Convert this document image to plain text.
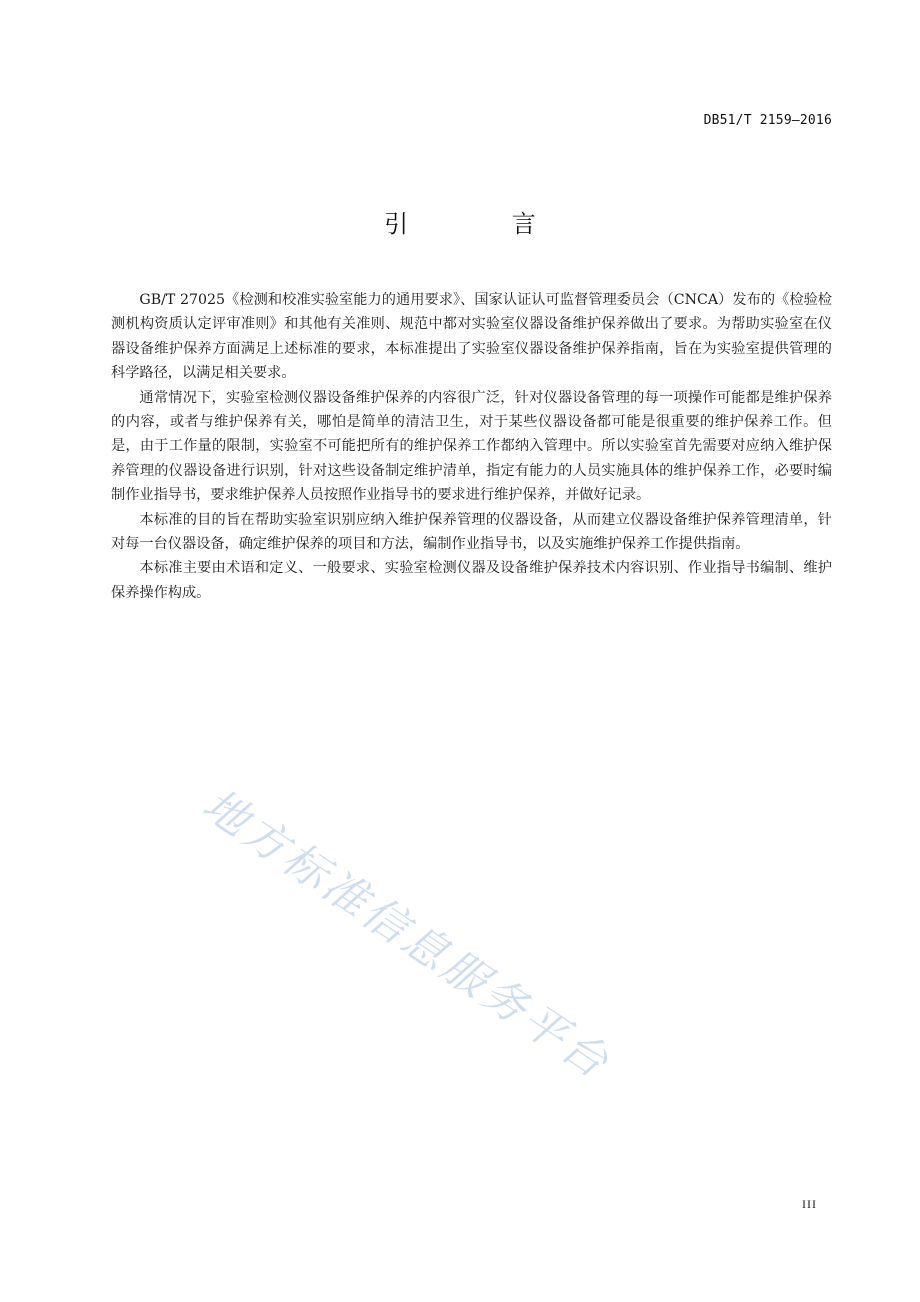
DB51/T 2159—2016
引 言

GB/T 27025《检测和校准实验室能力的通用要求》、国家认证认可监督管理委员会（CNCA）发布的《检验检测机构资质认定评审准则》和其他有关准则、规范中都对实验室仪器设备维护保养做出了要求。为帮助实验室在仪器设备维护保养方面满足上述标准的要求，本标准提出了实验室仪器设备维护保养指南，旨在为实验室提供管理的科学路径，以满足相关要求。

通常情况下，实验室检测仪器设备维护保养的内容很广泛，针对仪器设备管理的每一项操作可能都是维护保养的内容，或者与维护保养有关，哪怕是简单的清洁卫生，对于某些仪器设备都可能是很重要的维护保养工作。但是，由于工作量的限制，实验室不可能把所有的维护保养工作都纳入管理中。所以实验室首先需要对应纳入维护保养管理的仪器设备进行识别，针对这些设备制定维护清单，指定有能力的人员实施具体的维护保养工作，必要时编制作业指导书，要求维护保养人员按照作业指导书的要求进行维护保养，并做好记录。

本标准的目的旨在帮助实验室识别应纳入维护保养管理的仪器设备，从而建立仪器设备维护保养管理清单，针对每一台仪器设备，确定维护保养的项目和方法，编制作业指导书，以及实施维护保养工作提供指南。

本标准主要由术语和定义、一般要求、实验室检测仪器及设备维护保养技术内容识别、作业指导书编制、维护保养操作构成。

地方标准信息服务平台
III
